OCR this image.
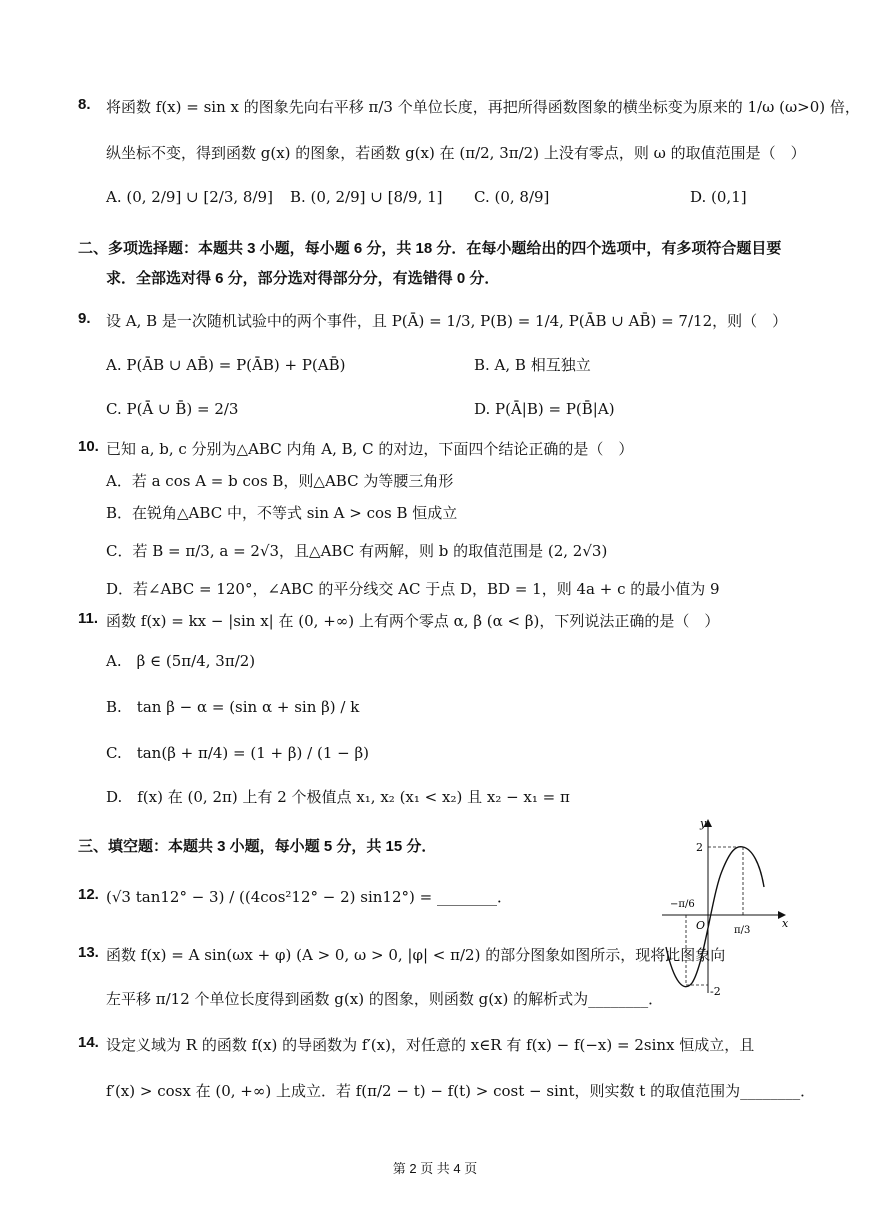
8. 将函数 f(x) = sin x 的图象先向右平移 π/3 个单位长度，再把所得函数图象的横坐标变为原来的 1/ω (ω>0) 倍，
纵坐标不变，得到函数 g(x) 的图象，若函数 g(x) 在 (π/2, 3π/2) 上没有零点，则 ω 的取值范围是（　）
A. (0, 2/9] ∪ [2/3, 8/9] B. (0, 2/9] ∪ [8/9, 1] C. (0, 8/9]	D. (0,1]
二、多项选择题：本题共 3 小题，每小题 6 分，共 18 分．在每小题给出的四个选项中，有多项符合题目要
求．全部选对得 6 分，部分选对得部分分，有选错得 0 分．
9. 设 A, B 是一次随机试验中的两个事件，且 P(Ā) = 1/3, P(B) = 1/4, P(ĀB ∪ AB̄) = 7/12，则（　）
A. P(ĀB ∪ AB̄) = P(ĀB) + P(AB̄)	B. A, B 相互独立
C. P(Ā ∪ B̄) = 2/3	D. P(Ā|B) = P(B̄|A)
10. 已知 a, b, c 分别为△ABC 内角 A, B, C 的对边，下面四个结论正确的是（　）
A．若 a cos A = b cos B，则△ABC 为等腰三角形
B．在锐角△ABC 中，不等式 sin A > cos B 恒成立
C．若 B = π/3, a = 2√3，且△ABC 有两解，则 b 的取值范围是 (2, 2√3)
D．若∠ABC = 120°，∠ABC 的平分线交 AC 于点 D，BD = 1，则 4a + c 的最小值为 9
11. 函数 f(x) = kx − |sin x| 在 (0, +∞) 上有两个零点 α, β (α < β)，下列说法正确的是（　）
A.　β ∈ (5π/4, 3π/2)
B.　tan β − α = (sin α + sin β) / k
C.　tan(β + π/4) = (1 + β) / (1 − β)
D.　f(x) 在 (0, 2π) 上有 2 个极值点 x₁, x₂ (x₁ < x₂) 且 x₂ − x₁ = π
三、填空题：本题共 3 小题，每小题 5 分，共 15 分．
12. (√3 tan12° − 3) / ((4cos²12° − 2) sin12°) = ________．
13. 函数 f(x) = A sin(ωx + φ) (A > 0, ω > 0, |φ| < π/2) 的部分图象如图所示，现将此图象向
左平移 π/12 个单位长度得到函数 g(x) 的图象，则函数 g(x) 的解析式为________．
14. 设定义域为 R 的函数 f(x) 的导函数为 f′(x)，对任意的 x∈R 有 f(x) − f(−x) = 2sinx 恒成立，且
f′(x) > cosx 在 (0, +∞) 上成立．若 f(π/2 − t) − f(t) > cost − sint，则实数 t 的取值范围为________．
y
x
O
2
-2
−π/6
π/3
第 2 页 共 4 页
